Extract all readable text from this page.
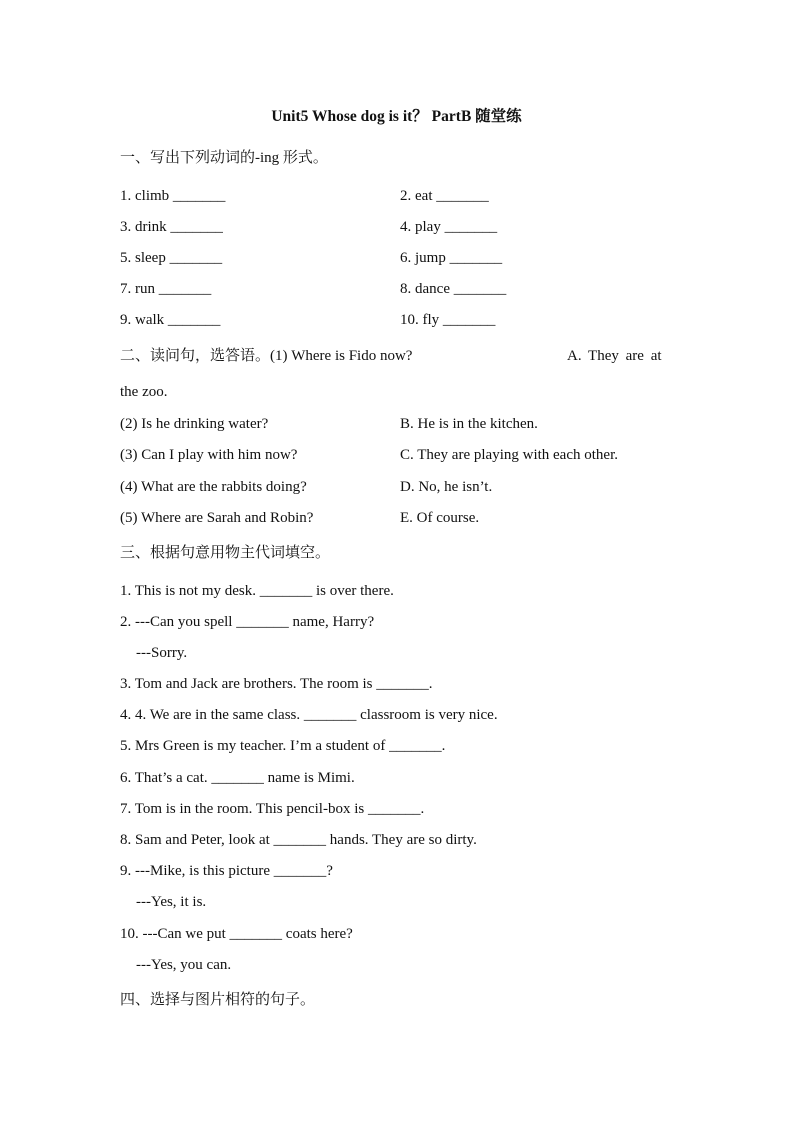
Unit5 Whose dog is it？ PartB 随堂练
一、写出下列动词的-ing 形式。
1. climb _______	2. eat _______
3. drink _______	4. play _______
5. sleep _______	6. jump _______
7. run _______	8. dance _______
9. walk _______	10. fly _______
二、读问句，选答语。(1) Where is Fido now?	A. They are at
the zoo.
(2) Is he drinking water?	B. He is in the kitchen.
(3) Can I play with him now?	C. They are playing with each other.
(4) What are the rabbits doing?	D. No, he isn’t.
(5) Where are Sarah and Robin?	E. Of course.
三、根据句意用物主代词填空。
1. This is not my desk. _______ is over there.
2. ---Can you spell _______ name, Harry?
---Sorry.
3. Tom and Jack are brothers. The room is _______.
4. 4. We are in the same class. _______ classroom is very nice.
5. Mrs Green is my teacher. I’m a student of _______.
6. That’s a cat. _______ name is Mimi.
7. Tom is in the room. This pencil-box is _______.
8. Sam and Peter, look at _______ hands. They are so dirty.
9. ---Mike, is this picture _______?
---Yes, it is.
10. ---Can we put _______ coats here?
---Yes, you can.
四、选择与图片相符的句子。
